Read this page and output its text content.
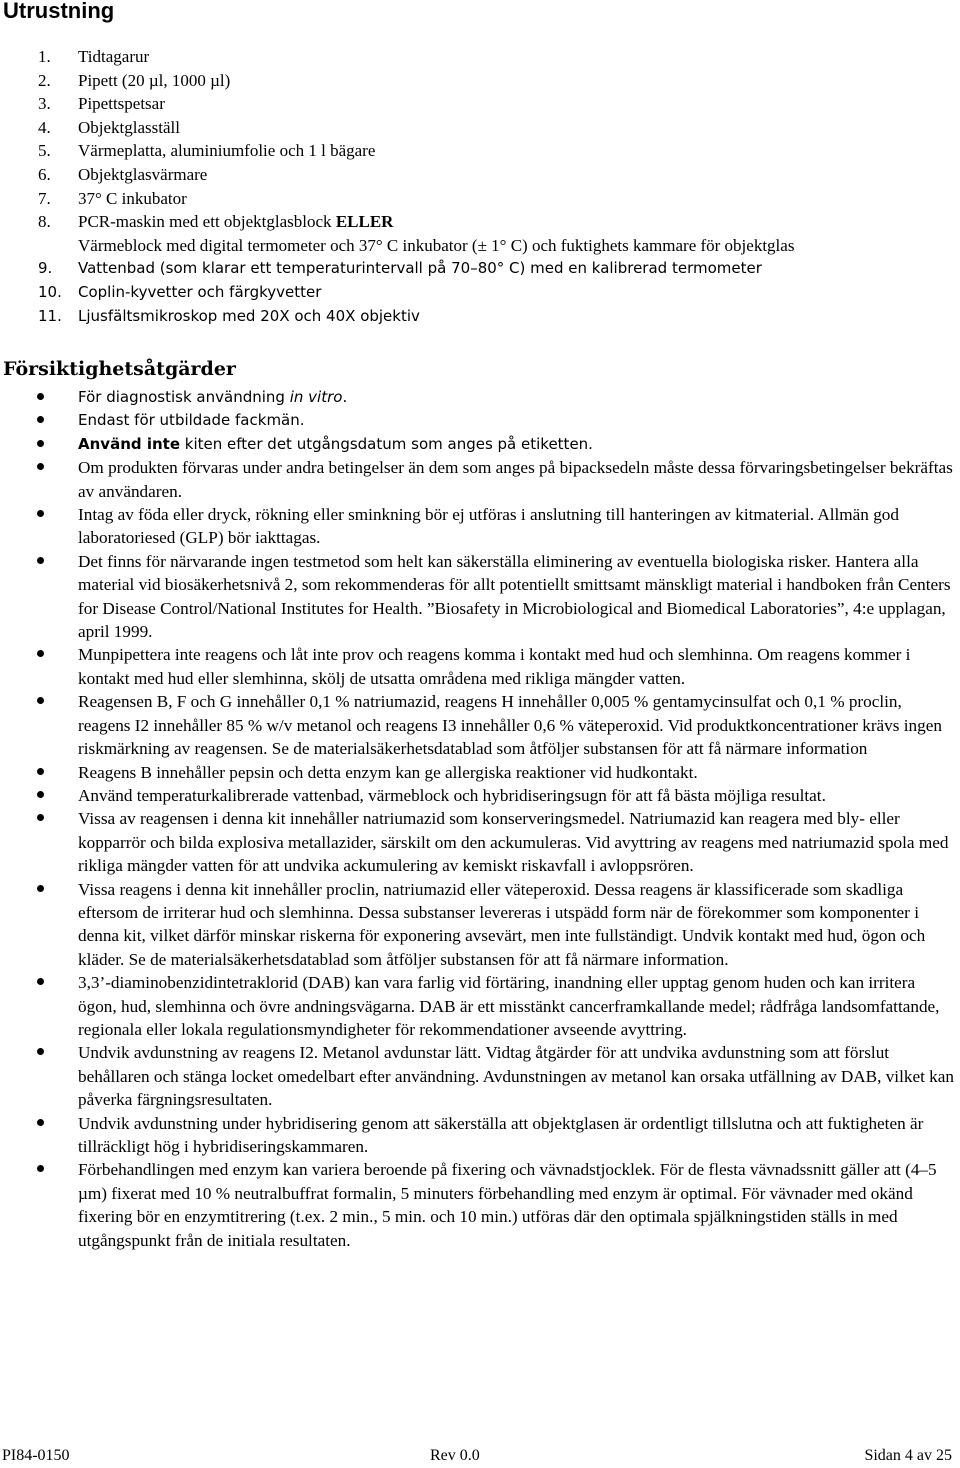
Utrustning
1. Tidtagarur
2. Pipett (20 µl, 1000 µl)
3. Pipettspetsar
4. Objektglasställ
5. Värmeplatta, aluminiumfolie och 1 l bägare
6. Objektglasvärmare
7. 37° C inkubator
8. PCR-maskin med ett objektglasblock ELLER
Värmeblock med digital termometer och 37° C inkubator (± 1° C) och fuktighets kammare för objektglas
9. Vattenbad (som klarar ett temperaturintervall på 70–80° C) med en kalibrerad termometer
10. Coplin-kyvetter och färgkyvetter
11. Ljusfältsmikroskop med 20X och 40X objektiv
Försiktighetsåtgärder
För diagnostisk användning in vitro.
Endast för utbildade fackmän.
Använd inte kiten efter det utgångsdatum som anges på etiketten.
Om produkten förvaras under andra betingelser än dem som anges på bipacksedeln måste dessa förvaringsbetingelser bekräftas av användaren.
Intag av föda eller dryck, rökning eller sminkning bör ej utföras i anslutning till hanteringen av kitmaterial. Allmän god laboratoriesed (GLP) bör iakttagas.
Det finns för närvarande ingen testmetod som helt kan säkerställa eliminering av eventuella biologiska risker. Hantera alla material vid biosäkerhetsnivå 2, som rekommenderas för allt potentiellt smittsamt mänskligt material i handboken från Centers for Disease Control/National Institutes for Health. ”Biosafety in Microbiological and Biomedical Laboratories”, 4:e upplagan, april 1999.
Munpipettera inte reagens och låt inte prov och reagens komma i kontakt med hud och slemhinna. Om reagens kommer i kontakt med hud eller slemhinna, skölj de utsatta områdena med rikliga mängder vatten.
Reagensen B, F och G innehåller 0,1 % natriumazid, reagens H innehåller 0,005 % gentamycinsulfat och 0,1 % proclin, reagens I2 innehåller 85 % w/v metanol och reagens I3 innehåller 0,6 % väteperoxid. Vid produktkoncentrationer krävs ingen riskmärkning av reagensen. Se de materialsäkerhetsdatablad som åtföljer substansen för att få närmare information
Reagens B innehåller pepsin och detta enzym kan ge allergiska reaktioner vid hudkontakt.
Använd temperaturkalibrerade vattenbad, värmeblock och hybridiseringsugn för att få bästa möjliga resultat.
Vissa av reagensen i denna kit innehåller natriumazid som konserveringsmedel. Natriumazid kan reagera med bly- eller kopparrör och bilda explosiva metallazider, särskilt om den ackumuleras. Vid avyttring av reagens med natriumazid spola med rikliga mängder vatten för att undvika ackumulering av kemiskt riskavfall i avloppsrören.
Vissa reagens i denna kit innehåller proclin, natriumazid eller väteperoxid. Dessa reagens är klassificerade som skadliga eftersom de irriterar hud och slemhinna. Dessa substanser levereras i utspädd form när de förekommer som komponenter i denna kit, vilket därför minskar riskerna för exponering avsevärt, men inte fullständigt. Undvik kontakt med hud, ögon och kläder. Se de materialsäkerhetsdatablad som åtföljer substansen för att få närmare information.
3,3’-diaminobenzidintetraklorid (DAB) kan vara farlig vid förtäring, inandning eller upptag genom huden och kan irritera ögon, hud, slemhinna och övre andningsvägarna. DAB är ett misstänkt cancerframkallande medel; rådfråga landsomfattande, regionala eller lokala regulationsmyndigheter för rekommendationer avseende avyttring.
Undvik avdunstning av reagens I2. Metanol avdunstar lätt. Vidtag åtgärder för att undvika avdunstning som att förslut behållaren och stänga locket omedelbart efter användning. Avdunstningen av metanol kan orsaka utfällning av DAB, vilket kan påverka färgningsresultaten.
Undvik avdunstning under hybridisering genom att säkerställa att objektglasen är ordentligt tillslutna och att fuktigheten är tillräckligt hög i hybridiseringskammaren.
Förbehandlingen med enzym kan variera beroende på fixering och vävnadstjocklek. För de flesta vävnadssnitt gäller att (4–5 µm) fixerat med 10 % neutralbuffrat formalin, 5 minuters förbehandling med enzym är optimal. För vävnader med okänd fixering bör en enzymtitrering (t.ex. 2 min., 5 min. och 10 min.) utföras där den optimala spjälkningstiden ställs in med utgångspunkt från de initiala resultaten.
PI84-0150	Rev 0.0	Sidan 4 av 25
